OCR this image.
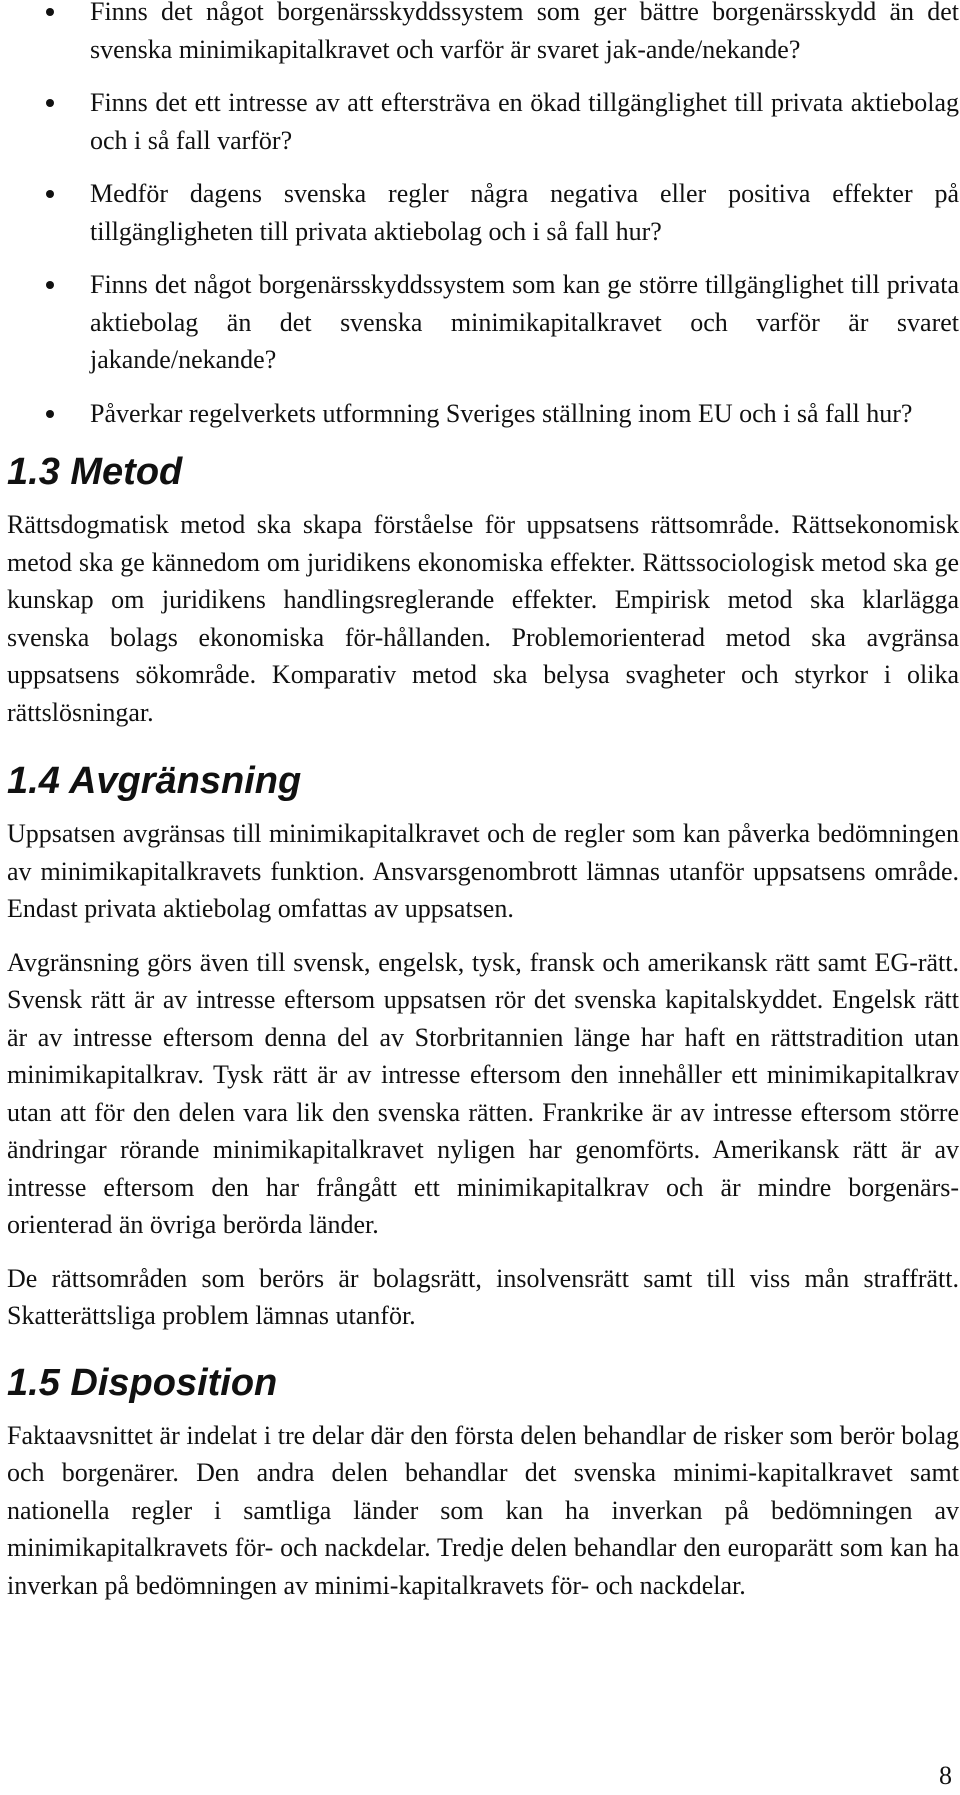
Finns det något borgenärsskyddssystem som ger bättre borgenärsskydd än det svenska minimikapitalkravet och varför är svaret jak-ande/nekande?
Finns det ett intresse av att eftersträva en ökad tillgänglighet till privata aktiebolag och i så fall varför?
Medför dagens svenska regler några negativa eller positiva effekter på tillgängligheten till privata aktiebolag och i så fall hur?
Finns det något borgenärsskyddssystem som kan ge större tillgänglighet till privata aktiebolag än det svenska minimikapitalkravet och varför är svaret jakande/nekande?
Påverkar regelverkets utformning Sveriges ställning inom EU och i så fall hur?
1.3 Metod

Rättsdogmatisk metod ska skapa förståelse för uppsatsens rättsområde. Rättsekonomisk metod ska ge kännedom om juridikens ekonomiska effekter. Rättssociologisk metod ska ge kunskap om juridikens handlingsreglerande effekter. Empirisk metod ska klarlägga svenska bolags ekonomiska för-hållanden. Problemorienterad metod ska avgränsa uppsatsens sökområde. Komparativ metod ska belysa svagheter och styrkor i olika rättslösningar.

1.4 Avgränsning

Uppsatsen avgränsas till minimikapitalkravet och de regler som kan påverka bedömningen av minimikapitalkravets funktion. Ansvarsgenombrott lämnas utanför uppsatsens område. Endast privata aktiebolag omfattas av uppsatsen.

Avgränsning görs även till svensk, engelsk, tysk, fransk och amerikansk rätt samt EG-rätt. Svensk rätt är av intresse eftersom uppsatsen rör det svenska kapitalskyddet. Engelsk rätt är av intresse eftersom denna del av Storbritannien länge har haft en rättstradition utan minimikapitalkrav. Tysk rätt är av intresse eftersom den innehåller ett minimikapitalkrav utan att för den delen vara lik den svenska rätten. Frankrike är av intresse eftersom större ändringar rörande minimikapitalkravet nyligen har genomförts. Amerikansk rätt är av intresse eftersom den har frångått ett minimikapitalkrav och är mindre borgenärs-orienterad än övriga berörda länder.

De rättsområden som berörs är bolagsrätt, insolvensrätt samt till viss mån straffrätt. Skatterättsliga problem lämnas utanför.

1.5 Disposition

Faktaavsnittet är indelat i tre delar där den första delen behandlar de risker som berör bolag och borgenärer. Den andra delen behandlar det svenska minimi-kapitalkravet samt nationella regler i samtliga länder som kan ha inverkan på bedömningen av minimikapitalkravets för- och nackdelar. Tredje delen behandlar den europarätt som kan ha inverkan på bedömningen av minimi-kapitalkravets för- och nackdelar.

8
